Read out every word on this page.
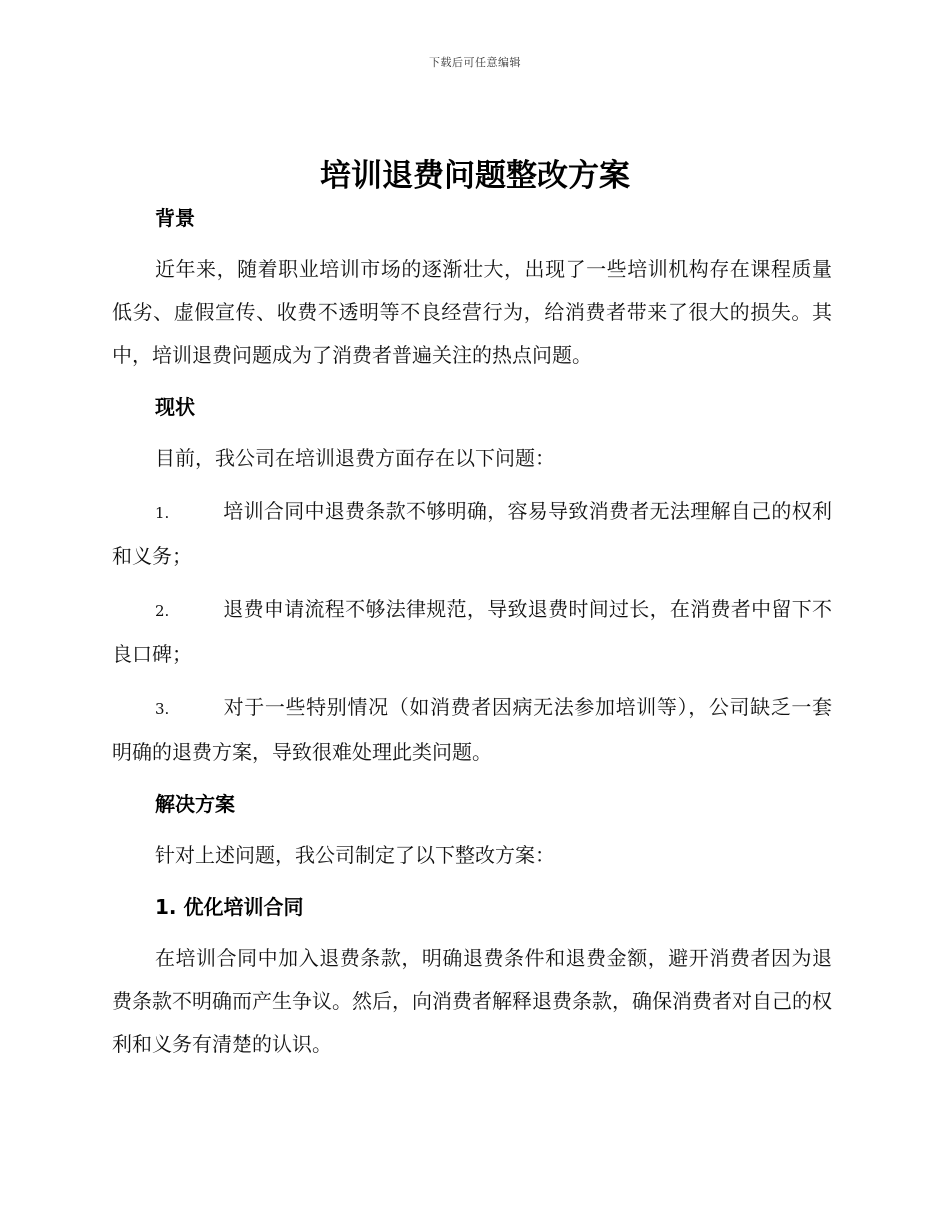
下载后可任意编辑
培训退费问题整改方案
背景

近年来，随着职业培训市场的逐渐壮大，出现了一些培训机构存在课程质量低劣、虚假宣传、收费不透明等不良经营行为，给消费者带来了很大的损失。其中，培训退费问题成为了消费者普遍关注的热点问题。

现状

目前，我公司在培训退费方面存在以下问题：

1.	培训合同中退费条款不够明确，容易导致消费者无法理解自己的权利和义务；

2.	退费申请流程不够法律规范，导致退费时间过长，在消费者中留下不良口碑；

3.	对于一些特别情况（如消费者因病无法参加培训等），公司缺乏一套明确的退费方案，导致很难处理此类问题。

解决方案

针对上述问题，我公司制定了以下整改方案：

1. 优化培训合同

在培训合同中加入退费条款，明确退费条件和退费金额，避开消费者因为退费条款不明确而产生争议。然后，向消费者解释退费条款，确保消费者对自己的权利和义务有清楚的认识。
